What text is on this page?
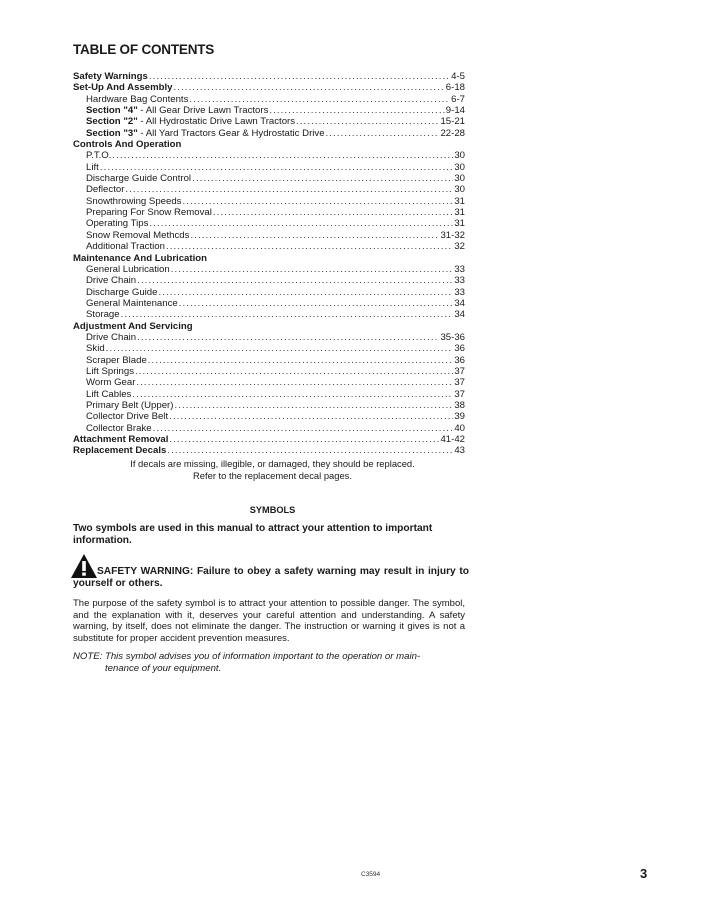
TABLE OF CONTENTS
Safety Warnings .....	4-5
Set-Up And Assembly .....	6-18
Hardware Bag Contents .....	6-7
Section "4" - All Gear Drive Lawn Tractors .....	9-14
Section "2" - All Hydrostatic Drive Lawn Tractors .....	15-21
Section "3" - All Yard Tractors Gear & Hydrostatic Drive .....	22-28
Controls And Operation
P.T.O. .....	30
Lift .....	30
Discharge Guide Control .....	30
Deflector .....	30
Snowthrowing Speeds .....	31
Preparing For Snow Removal .....	31
Operating Tips .....	31
Snow Removal Methcds .....	31-32
Additional Traction .....	32
Maintenance And Lubrication
General Lubrication .....	33
Drive Chain .....	33
Discharge Guide .....	33
General Maintenance .....	34
Storage .....	34
Adjustment And Servicing
Drive Chain .....	35-36
Skid .....	36
Scraper Blade .....	36
Lift Springs .....	37
Worm Gear .....	37
Lift Cables .....	37
Primary Belt (Upper) .....	38
Collector Drive Belt .....	39
Collector Brake .....	40
Attachment Removal .....	41-42
Replacement Decals .....	43
If decals are missing, illegible, or damaged, they should be replaced.
Refer to the replacement decal pages.
SYMBOLS
Two symbols are used in this manual to attract your attention to important information.
SAFETY WARNING: Failure to obey a safety warning may result in injury to yourself or others.
The purpose of the safety symbol is to attract your attention to possible danger. The symbol, and the explanation with it, deserves your careful attention and understanding. A safety warning, by itself, does not eliminate the danger. The instruction or warning it gives is not a substitute for proper accident prevention measures.
NOTE: This symbol advises you of information important to the operation or main-
tenance of your equipment.
C3594	3
